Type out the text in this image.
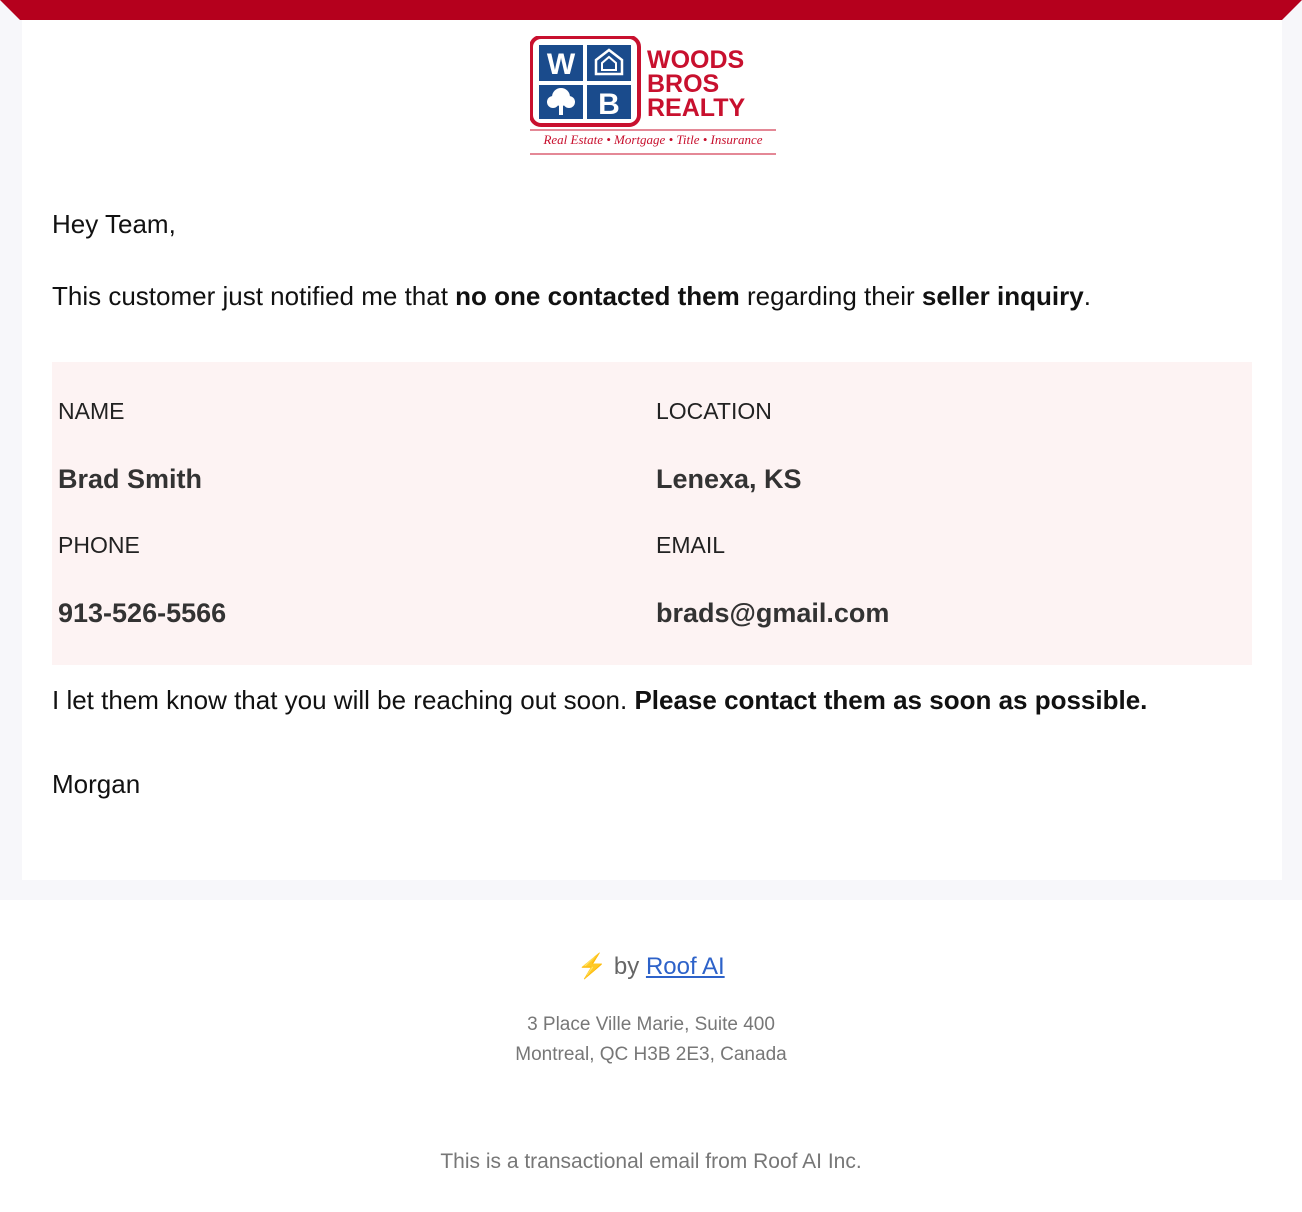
W
B
WOODS
BROS
REALTY
Real Estate • Mortgage • Title • Insurance
Hey Team,
This customer just notified me that no one contacted them regarding their seller inquiry.
NAME
Brad Smith
LOCATION
Lenexa, KS
PHONE
913-526-5566
EMAIL
brads@gmail.com
I let them know that you will be reaching out soon. Please contact them as soon as possible.
Morgan
⚡ by Roof AI
3 Place Ville Marie, Suite 400
Montreal, QC H3B 2E3, Canada
This is a transactional email from Roof AI Inc.
